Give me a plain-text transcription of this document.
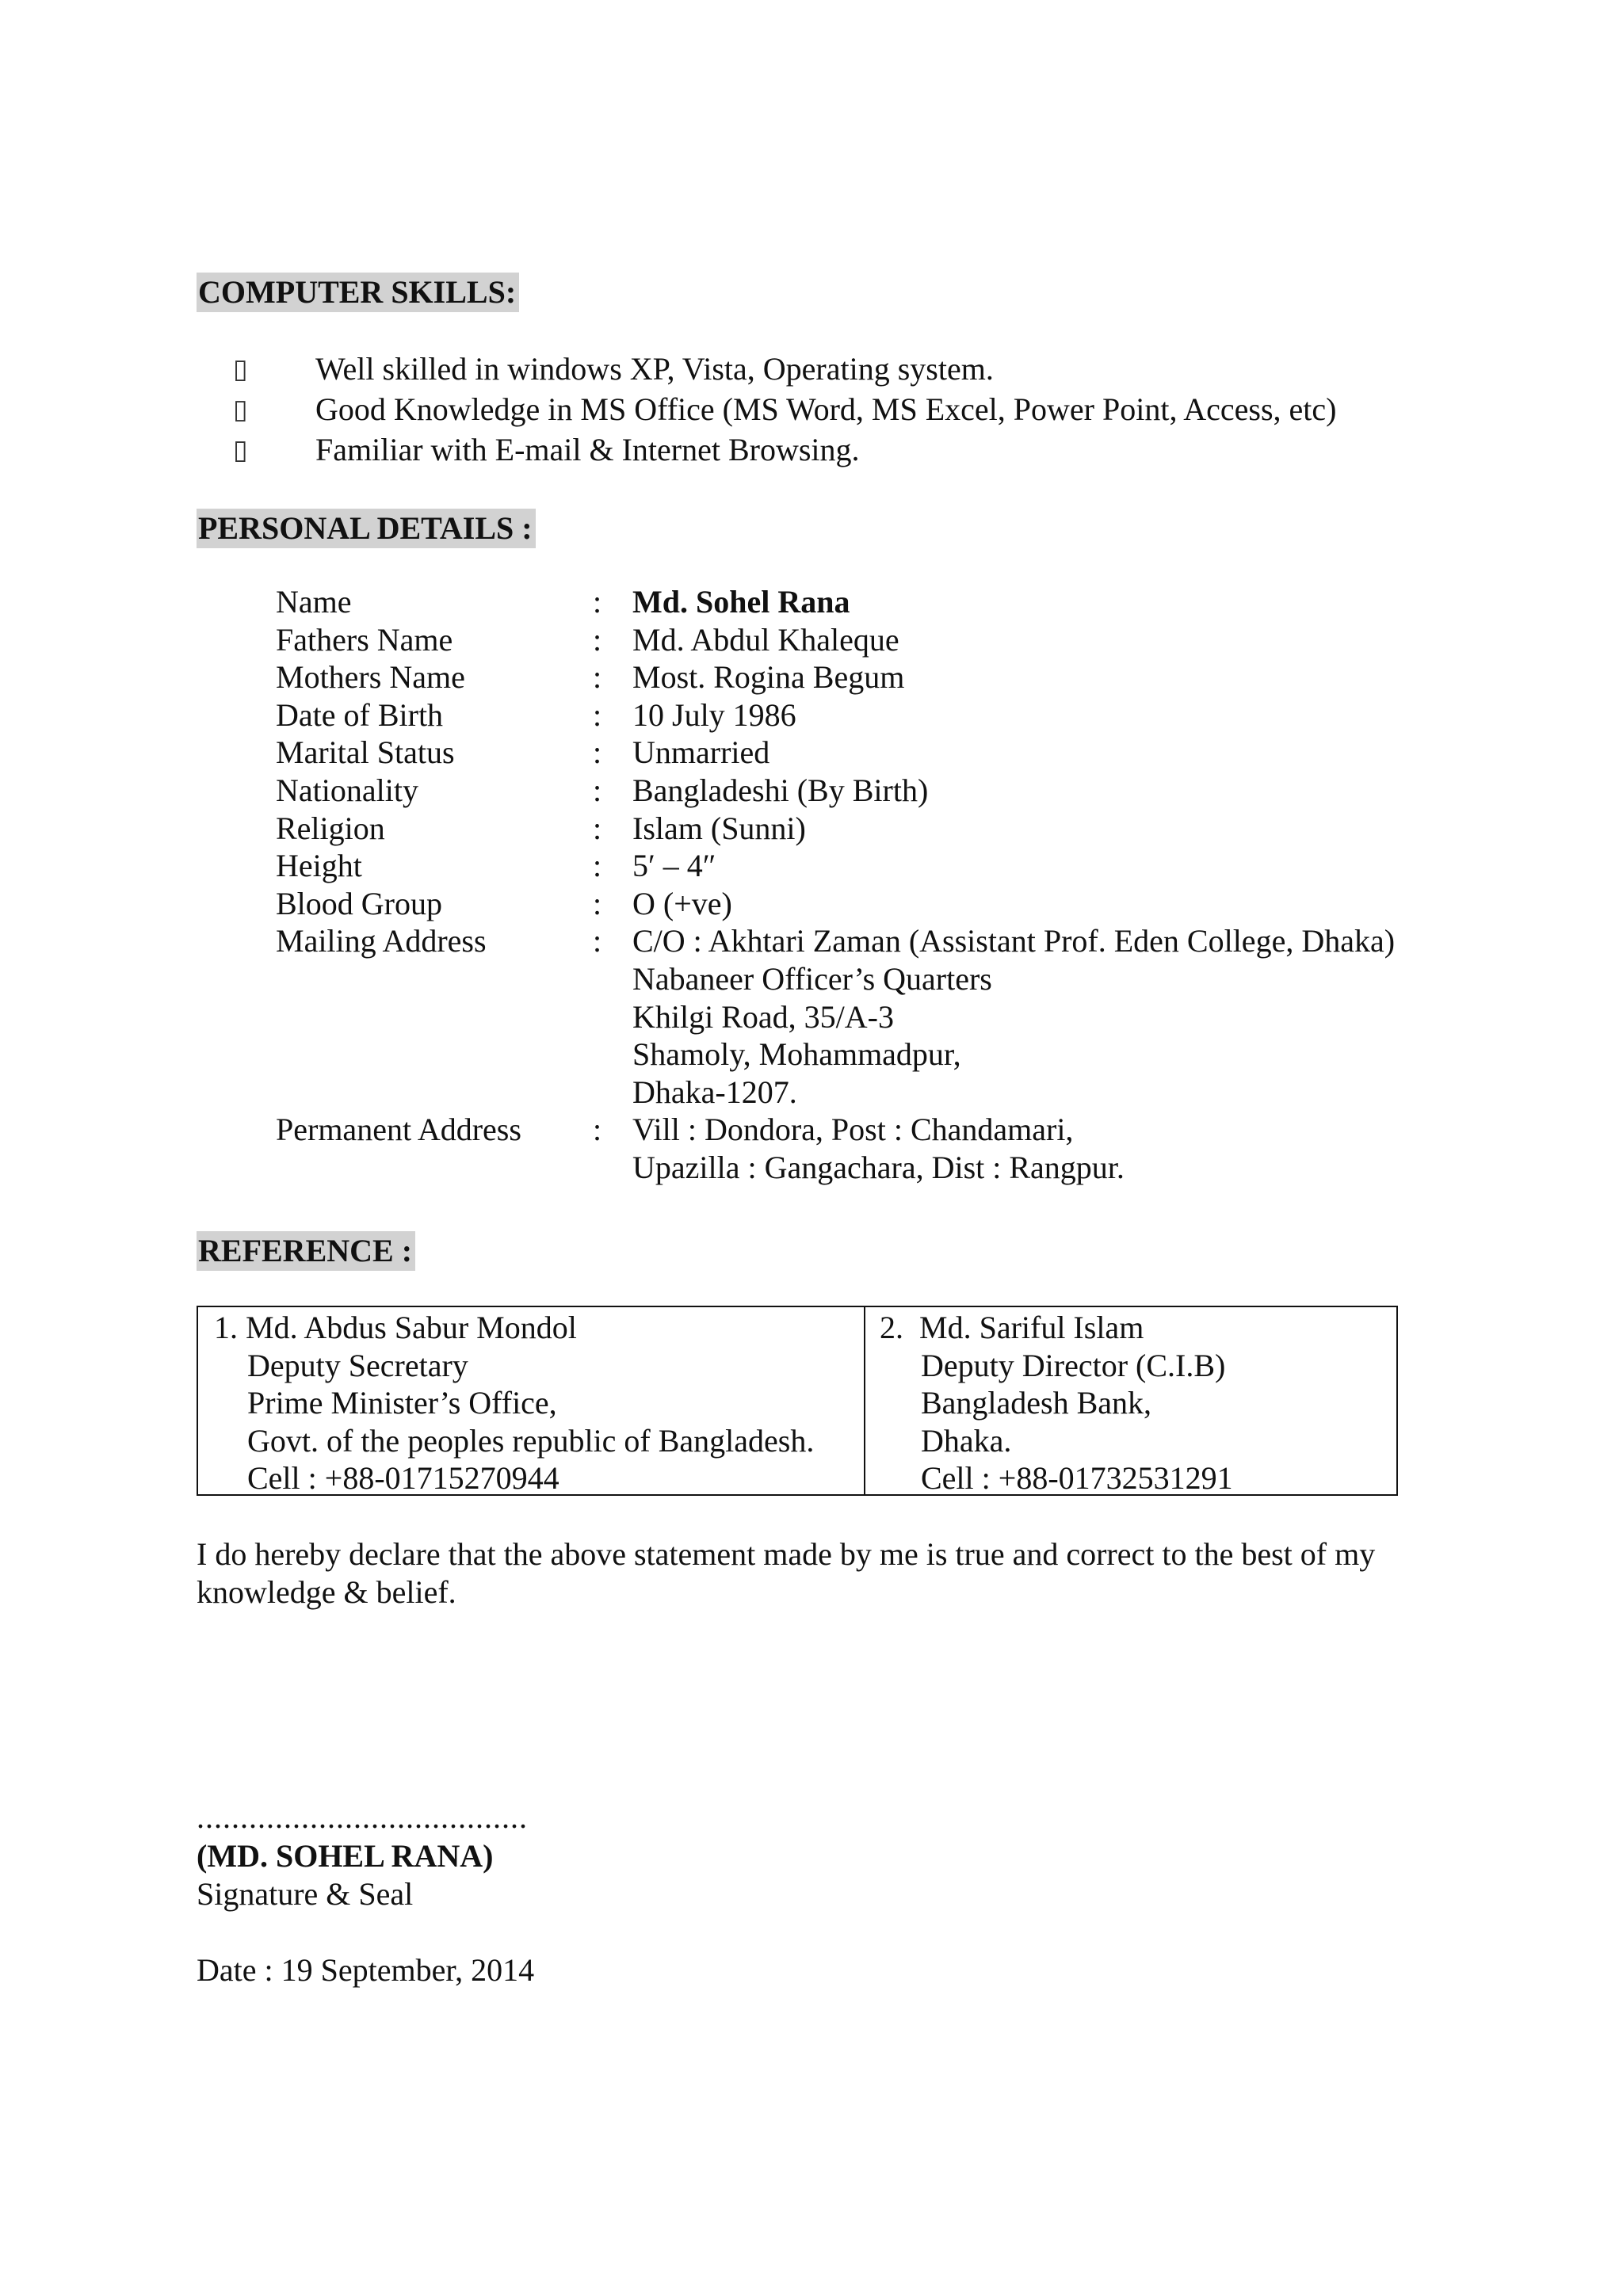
COMPUTER SKILLS:
▯	Well skilled in windows XP, Vista, Operating system.
▯	Good Knowledge in MS Office (MS Word, MS Excel, Power Point, Access, etc)
▯	Familiar with E-mail & Internet Browsing.
PERSONAL DETAILS :
Name	: Md. Sohel Rana
Fathers Name	: Md. Abdul Khaleque
Mothers Name	: Most. Rogina Begum
Date of Birth	: 10 July 1986
Marital Status	: Unmarried
Nationality	: Bangladeshi (By Birth)
Religion	: Islam (Sunni)
Height	: 5′ – 4″
Blood Group	: O (+ve)
Mailing Address	: C/O : Akhtari Zaman (Assistant Prof. Eden College, Dhaka)
Nabaneer Officer’s Quarters
Khilgi Road, 35/A-3
Shamoly, Mohammadpur,
Dhaka-1207.
Permanent Address	: Vill : Dondora, Post : Chandamari,
Upazilla : Gangachara, Dist : Rangpur.
REFERENCE :
1. Md. Abdus Sabur Mondol
Deputy Secretary
Prime Minister’s Office,
Govt. of the peoples republic of Bangladesh.
Cell : +88-01715270944
2. Md. Sariful Islam
Deputy Director (C.I.B)
Bangladesh Bank,
Dhaka.
Cell : +88-01732531291
I do hereby declare that the above statement made by me is true and correct to the best of my
knowledge & belief.
......................................
(MD. SOHEL RANA)
Signature & Seal
Date : 19 September, 2014
